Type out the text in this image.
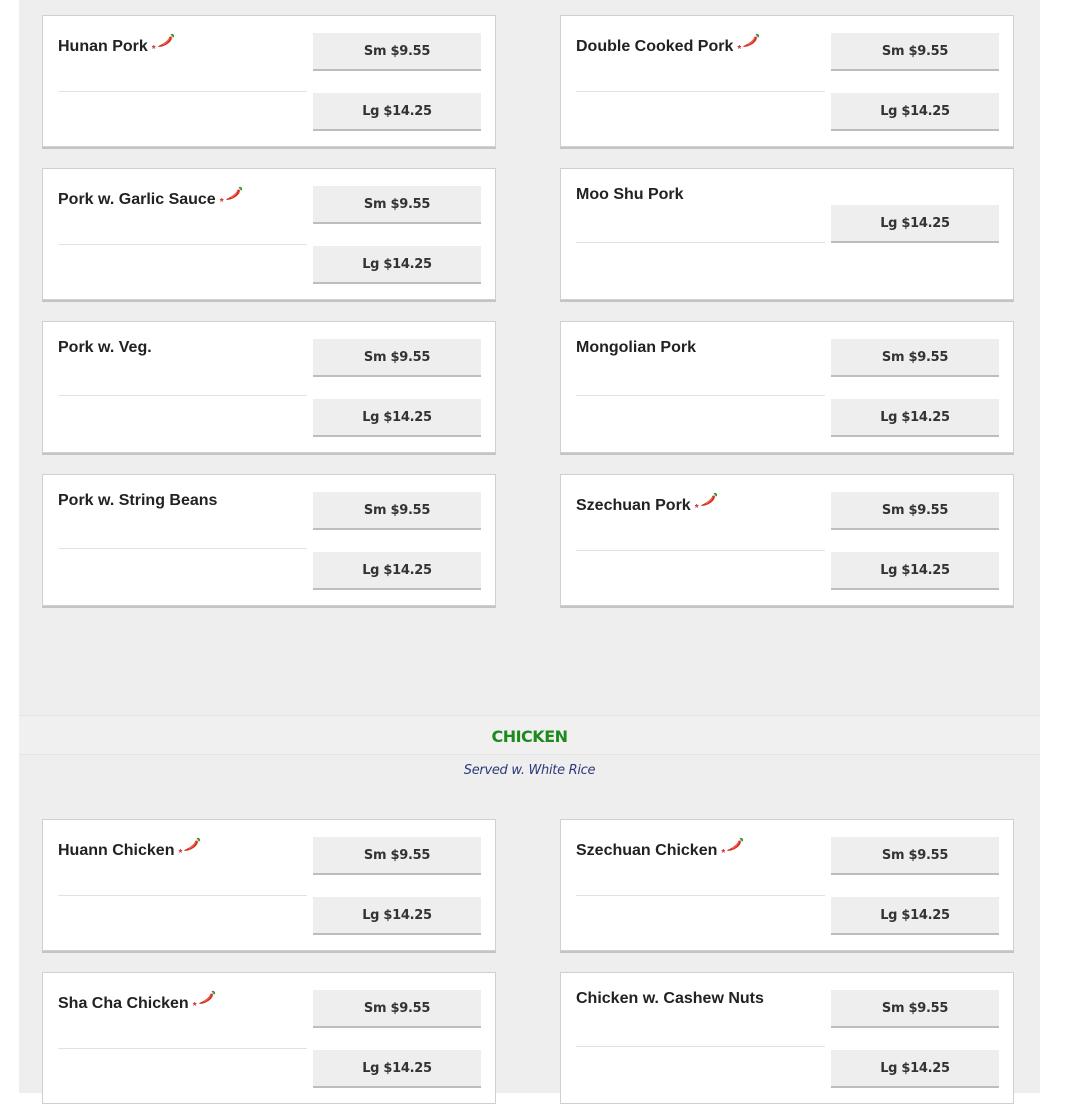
Hunan Pork *	Sm $9.55
Lg $14.25
Double Cooked Pork *	Sm $9.55
Lg $14.25
Pork w. Garlic Sauce *	Sm $9.55
Lg $14.25
Moo Shu Pork
Lg $14.25
Pork w. Veg.
Sm $9.55
Lg $14.25
Mongolian Pork
Sm $9.55
Lg $14.25
Pork w. String Beans
Sm $9.55
Lg $14.25
Szechuan Pork *	Sm $9.55
Lg $14.25
CHICKEN
Served w. White Rice
Huann Chicken *	Sm $9.55
Lg $14.25
Szechuan Chicken *	Sm $9.55
Lg $14.25
Sha Cha Chicken *	Sm $9.55
Lg $14.25
Chicken w. Cashew Nuts
Sm $9.55
Lg $14.25
